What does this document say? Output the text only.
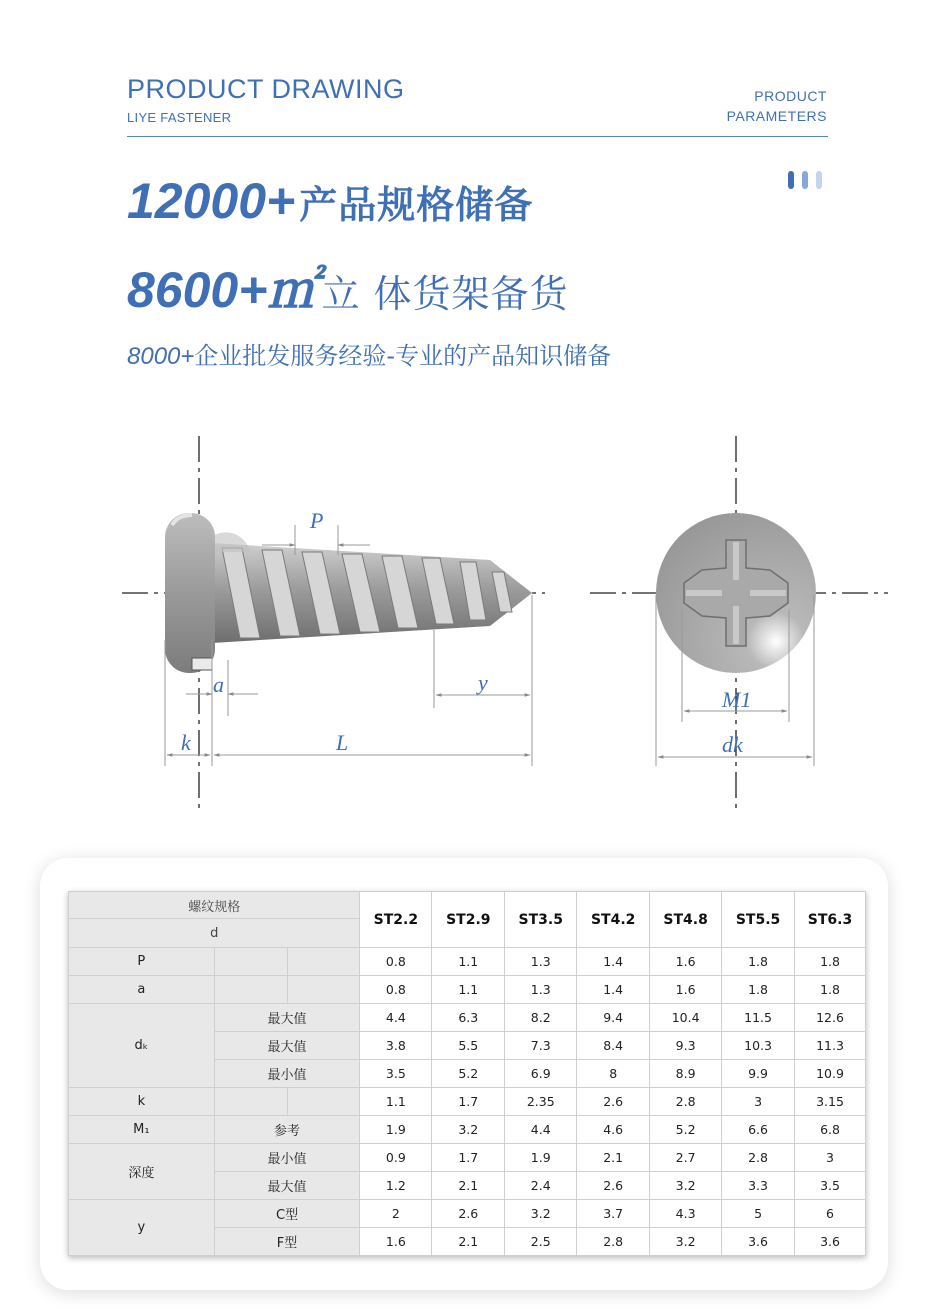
PRODUCT DRAWING
LIYE FASTENER
PRODUCT
PARAMETERS
12000+ 产品规格储备
8600+㎡ 立 体货架备货
8000+企业批发服务经验-专业的产品知识储备
P
a	y
k	L
M1
dk
螺纹规格			ST2.2	ST2.9	ST3.5	ST4.2	ST4.8	ST5.5	ST6.3
d									
P			0.8	1.1	1.3	1.4	1.6	1.8	1.8
a			0.8	1.1	1.3	1.4	1.6	1.8	1.8
dₖ	最大值		4.4	6.3	8.2	9.4	10.4	11.5	12.6
	最大值		3.8	5.5	7.3	8.4	9.3	10.3	11.3
	最小值		3.5	5.2	6.9	8	8.9	9.9	10.9
k			1.1	1.7	2.35	2.6	2.8	3	3.15
M₁	参考		1.9	3.2	4.4	4.6	5.2	6.6	6.8
深度	最小值		0.9	1.7	1.9	2.1	2.7	2.8	3
	最大值		1.2	2.1	2.4	2.6	3.2	3.3	3.5
y	C型		2	2.6	3.2	3.7	4.3	5	6
	F型		1.6	2.1	2.5	2.8	3.2	3.6	3.6
